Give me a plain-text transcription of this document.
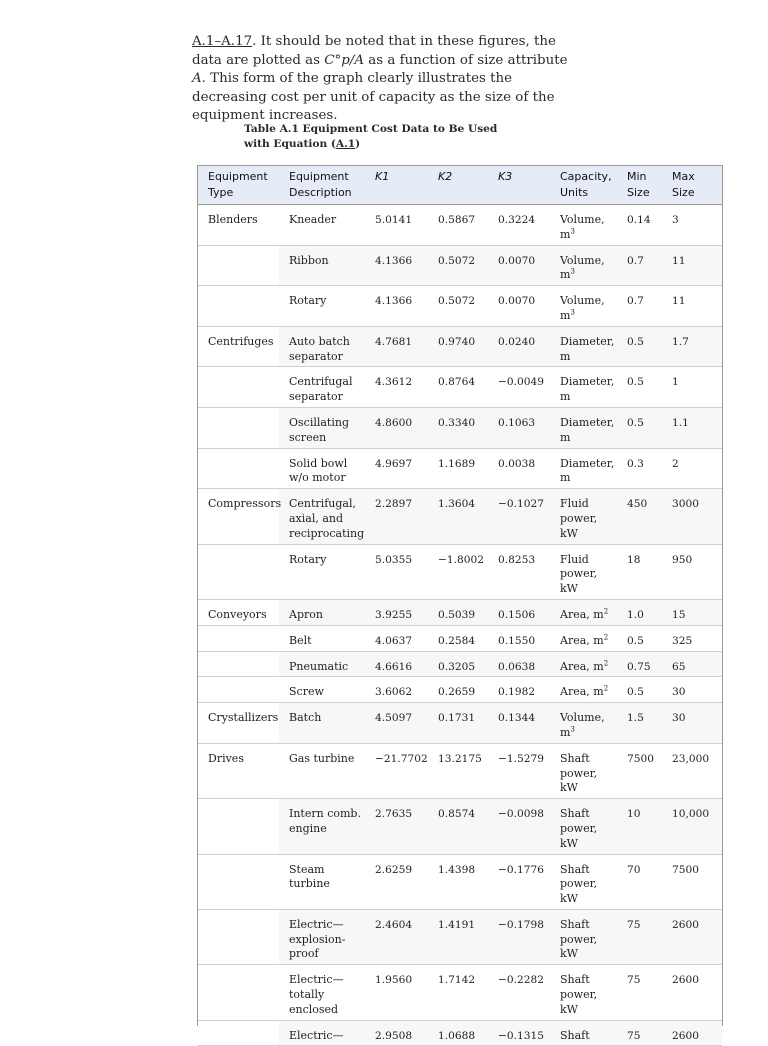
A.1–A.17. It should be noted that in these figures, the data are plotted as C°p/A as a function of size attribute A. This form of the graph clearly illustrates the decreasing cost per unit of capacity as the size of the equipment increases.
Table A.1 Equipment Cost Data to Be Used with Equation (A.1)
Equipment Type	Equipment Description	K1	K2	K3	Capacity, Units	Min Size	Max Size
Blenders	Kneader	5.0141	0.5867	0.3224	Volume, $m^3$	0.14	3
	Ribbon	4.1366	0.5072	0.0070	Volume, $m^3$	0.7	11
	Rotary	4.1366	0.5072	0.0070	Volume, $m^3$	0.7	11
Centrifuges	Auto batch separator	4.7681	0.9740	0.0240	Diameter, m	0.5	1.7
	Centrifugal separator	4.3612	0.8764	−0.0049	Diameter, m	0.5	1
	Oscillating screen	4.8600	0.3340	0.1063	Diameter, m	0.5	1.1
	Solid bowl w/o motor	4.9697	1.1689	0.0038	Diameter, m	0.3	2
Compressors	Centrifugal, axial, and reciprocating	2.2897	1.3604	−0.1027	Fluid power, kW	450	3000
	Rotary	5.0355	−1.8002	0.8253	Fluid power, kW	18	950
Conveyors	Apron	3.9255	0.5039	0.1506	Area, $m^2$	1.0	15
	Belt	4.0637	0.2584	0.1550	Area, $m^2$	0.5	325
	Pneumatic	4.6616	0.3205	0.0638	Area, $m^2$	0.75	65
	Screw	3.6062	0.2659	0.1982	Area, $m^2$	0.5	30
Crystallizers	Batch	4.5097	0.1731	0.1344	Volume, $m^3$	1.5	30
Drives	Gas turbine	−21.7702	13.2175	−1.5279	Shaft power, kW	7500	23,000
	Intern comb. engine	2.7635	0.8574	−0.0098	Shaft power, kW	10	10,000
	Steam turbine	2.6259	1.4398	−0.1776	Shaft power, kW	70	7500
	Electric— explosion-proof	2.4604	1.4191	−0.1798	Shaft power, kW	75	2600
	Electric— totally enclosed	1.9560	1.7142	−0.2282	Shaft power, kW	75	2600
	Electric—	2.9508	1.0688	−0.1315	Shaft	75	2600
